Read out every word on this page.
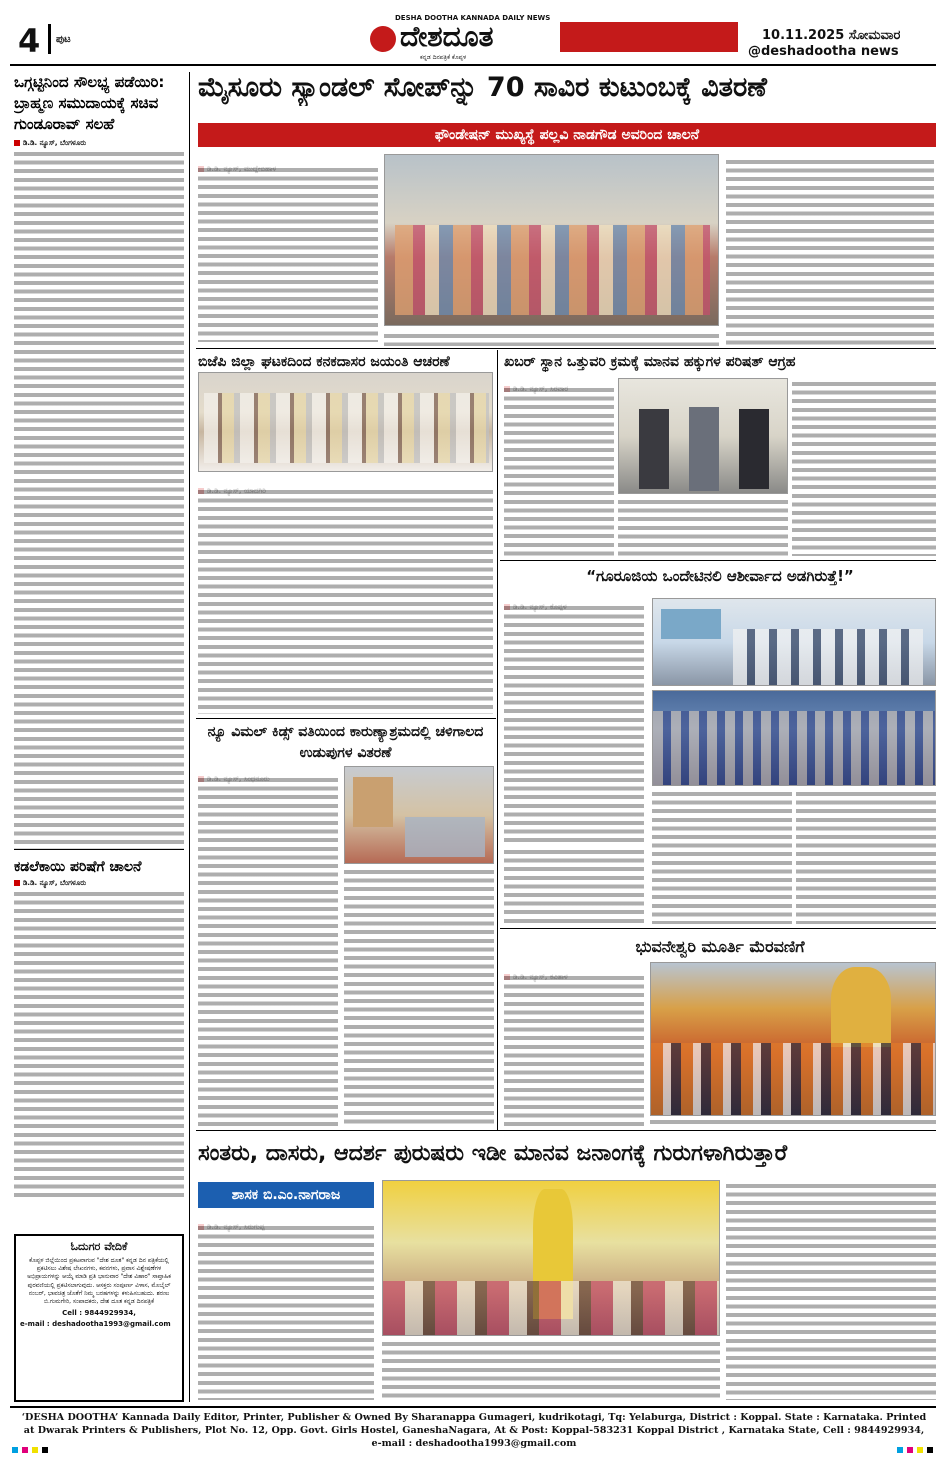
4 ಪುಟ
DESHA DOOTHA KANNADA DAILY NEWS
ದೇಶದೂತ
ಕನ್ನಡ ದಿನಪತ್ರಿಕೆ ಕೊಪ್ಪಳ
10.11.2025 ಸೋಮವಾರ
@deshadootha news
ಒಗ್ಗಟ್ಟಿನಿಂದ ಸೌಲಭ್ಯ ಪಡೆಯಿರಿ: ಬ್ರಾಹ್ಮಣ ಸಮುದಾಯಕ್ಕೆ ಸಚಿವ ಗುಂಡೂರಾವ್ ಸಲಹೆ
ಡಿ.ಡಿ. ನ್ಯೂಸ್, ಬೆಂಗಳೂರು
ಕಡಲೆಕಾಯಿ ಪರಿಷೆಗೆ ಚಾಲನೆ
ಡಿ.ಡಿ. ನ್ಯೂಸ್, ಬೆಂಗಳೂರು
ಓದುಗರ ವೇದಿಕೆ
ಕೊಪ್ಪಳ ಜಿಲ್ಲೆಯಿಂದ ಪ್ರಕಟವಾಗುವ "ದೇಶ ದೂತ" ಕನ್ನಡ ದಿನ ಪತ್ರಿಕೆಯಲ್ಲಿ ಪ್ರಕಟಿಸಲು ವಿಶೇಷ ಲೇಖನಗಳು, ಕವನಗಳು, ಪ್ರವಾಸ ವಿಶ್ಲೇಷಣೆಗಳ ಅಭಿಪ್ರಾಯಗಳನ್ನು ಆಯ್ಕೆ ಮಾಡಿ ಪ್ರತಿ ಭಾನುವಾರ "ದೇಶ ವಿಹಾರ" ಸಾಪ್ತಾಹಿಕ ಪುರವಣಿಯಲ್ಲಿ ಪ್ರಕಟಿಸಲಾಗುವುದು. ಆಸಕ್ತರು ಸಂಪೂರ್ಣ ವಿಳಾಸ, ಮೊಬೈಲ್ ನಂಬರ್, ಭಾವಚಿತ್ರ ಜೊತೆಗೆ ನಿಮ್ಮ ಬರಹಗಳನ್ನು ಕಳುಹಿಸಬಹುದು. ಶರಣು ಬಿ.ಗುಮಗೇರಿ, ಸಂಪಾದಕರು, ದೇಶ ದೂತ ಕನ್ನಡ ದಿನಪತ್ರಿಕೆ
Cell : 9844929934,
e-mail : deshadootha1993@gmail.com
ಮೈಸೂರು ಸ್ಯಾಂಡಲ್ ಸೋಪ್‌ನ್ನು 70 ಸಾವಿರ ಕುಟುಂಬಕ್ಕೆ ವಿತರಣೆ
ಫೌಂಡೇಷನ್ ಮುಖ್ಯಸ್ಥೆ ಪಲ್ಲವಿ ನಾಡಗೌಡ ಅವರಿಂದ ಚಾಲನೆ
ಬಿಜೆಪಿ ಜಿಲ್ಲಾ ಘಟಕದಿಂದ ಕನಕದಾಸರ ಜಯಂತಿ ಆಚರಣೆ
ನ್ಯೂ ವಿಮಲ್ ಕಿಡ್ಸ್ ವತಿಯಿಂದ ಕಾರುಣ್ಯಾಶ್ರಮದಲ್ಲಿ ಚಳಿಗಾಲದ ಉಡುಪುಗಳ ವಿತರಣೆ
ಖಬರ್ ಸ್ಥಾನ ಒತ್ತುವರಿ ಕ್ರಮಕ್ಕೆ ಮಾನವ ಹಕ್ಕುಗಳ ಪರಿಷತ್ ಆಗ್ರಹ
“ಗೂರೂಜಿಯ ಒಂದೇಟಿನಲಿ ಆಶೀರ್ವಾದ ಅಡಗಿರುತ್ತೆ!”
ಭುವನೇಶ್ವರಿ ಮೂರ್ತಿ ಮೆರವಣಿಗೆ
ಸಂತರು, ದಾಸರು, ಆದರ್ಶ ಪುರುಷರು ಇಡೀ ಮಾನವ ಜನಾಂಗಕ್ಕೆ ಗುರುಗಳಾಗಿರುತ್ತಾರೆ
ಶಾಸಕ ಬಿ.ಎಂ.ನಾಗರಾಜ
‘DESHA DOOTHA’ Kannada Daily Editor, Printer, Publisher & Owned By Sharanappa Gumageri, kudrikotagi, Tq: Yelaburga, District : Koppal. State : Karnataka. Printed at Dwarak Printers & Publishers, Plot No. 12, Opp. Govt. Girls Hostel, GaneshaNagara, At & Post: Koppal-583231 Koppal District , Karnataka State, Cell : 9844929934, e-mail : deshadootha1993@gmail.com
